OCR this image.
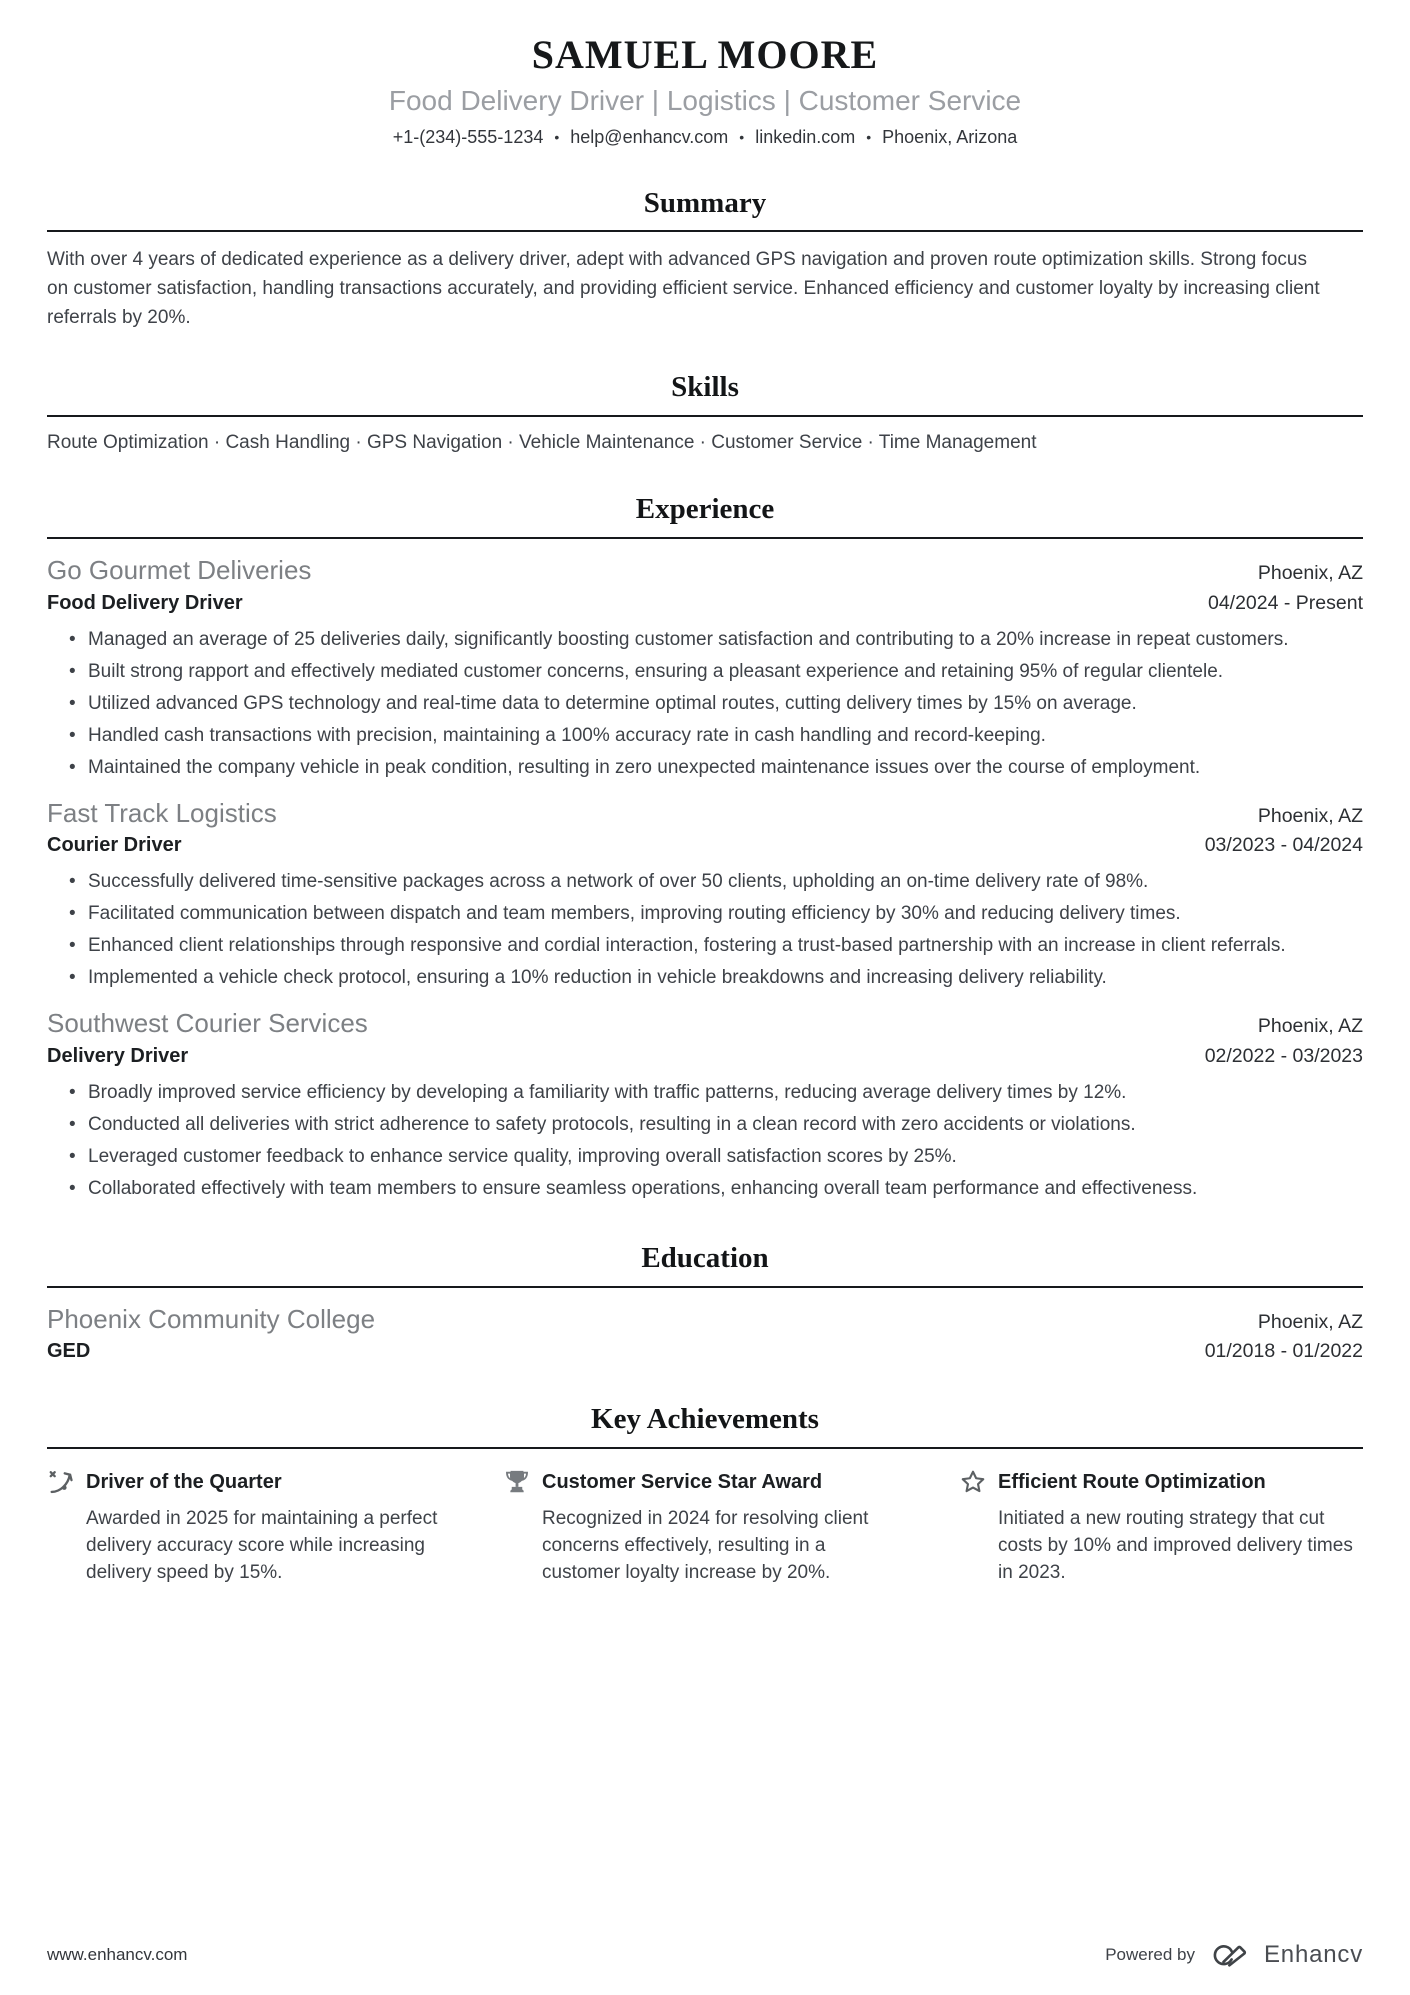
SAMUEL MOORE
Food Delivery Driver | Logistics | Customer Service
+1-(234)-555-1234 • help@enhancv.com • linkedin.com • Phoenix, Arizona
Summary

With over 4 years of dedicated experience as a delivery driver, adept with advanced GPS navigation and proven route optimization skills. Strong focus on customer satisfaction, handling transactions accurately, and providing efficient service. Enhanced efficiency and customer loyalty by increasing client referrals by 20%.

Skills
Route Optimization · Cash Handling · GPS Navigation · Vehicle Maintenance · Customer Service · Time Management
Experience
Go Gourmet Deliveries	Phoenix, AZ
Food Delivery Driver	04/2024 - Present
• Managed an average of 25 deliveries daily, significantly boosting customer satisfaction and contributing to a 20% increase in repeat customers.
• Built strong rapport and effectively mediated customer concerns, ensuring a pleasant experience and retaining 95% of regular clientele.
• Utilized advanced GPS technology and real-time data to determine optimal routes, cutting delivery times by 15% on average.
• Handled cash transactions with precision, maintaining a 100% accuracy rate in cash handling and record-keeping.
• Maintained the company vehicle in peak condition, resulting in zero unexpected maintenance issues over the course of employment.
Fast Track Logistics	Phoenix, AZ
Courier Driver	03/2023 - 04/2024
• Successfully delivered time-sensitive packages across a network of over 50 clients, upholding an on-time delivery rate of 98%.
• Facilitated communication between dispatch and team members, improving routing efficiency by 30% and reducing delivery times.
• Enhanced client relationships through responsive and cordial interaction, fostering a trust-based partnership with an increase in client referrals.
• Implemented a vehicle check protocol, ensuring a 10% reduction in vehicle breakdowns and increasing delivery reliability.
Southwest Courier Services	Phoenix, AZ
Delivery Driver	02/2022 - 03/2023
• Broadly improved service efficiency by developing a familiarity with traffic patterns, reducing average delivery times by 12%.
• Conducted all deliveries with strict adherence to safety protocols, resulting in a clean record with zero accidents or violations.
• Leveraged customer feedback to enhance service quality, improving overall satisfaction scores by 25%.
• Collaborated effectively with team members to ensure seamless operations, enhancing overall team performance and effectiveness.
Education
Phoenix Community College	Phoenix, AZ
GED	01/2018 - 01/2022
Key Achievements
Driver of the Quarter

Awarded in 2025 for maintaining a perfect delivery accuracy score while increasing delivery speed by 15%.

Customer Service Star Award

Recognized in 2024 for resolving client concerns effectively, resulting in a customer loyalty increase by 20%.

Efficient Route Optimization

Initiated a new routing strategy that cut costs by 10% and improved delivery times in 2023.

www.enhancv.com	Powered by	Enhancv
